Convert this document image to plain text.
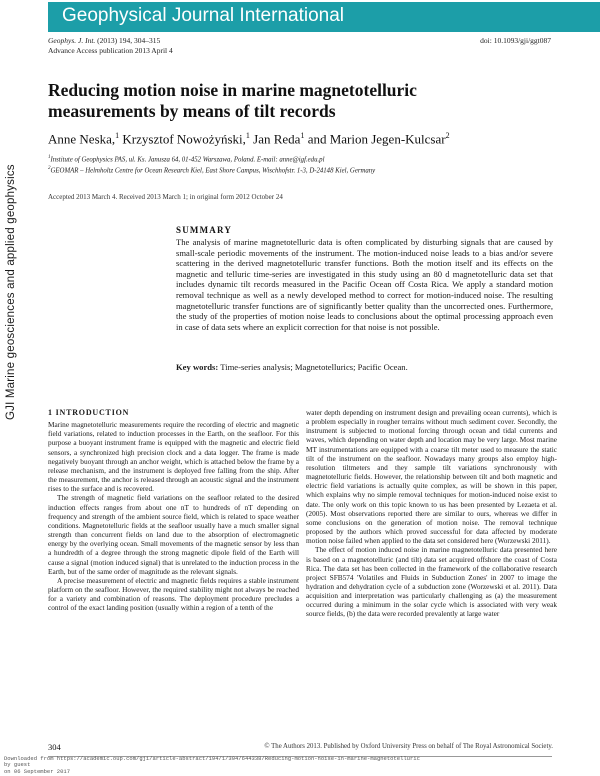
Geophysical Journal International
Geophys. J. Int. (2013) 194, 304–315
Advance Access publication 2013 April 4
doi: 10.1093/gji/ggt087
Reducing motion noise in marine magnetotelluric measurements by means of tilt records
Anne Neska,$^1$ Krzysztof Nowożyński,$^1$ Jan Reda$^1$ and Marion Jegen-Kulcsar$^2$
$^1$Institute of Geophysics PAS, ul. Ks. Janusza 64, 01-452 Warszawa, Poland. E-mail: anne@igf.edu.pl
$^2$GEOMAR – Helmholtz Centre for Ocean Research Kiel, East Shore Campus, Wischhofstr. 1-3, D-24148 Kiel, Germany
Accepted 2013 March 4. Received 2013 March 1; in original form 2012 October 24
GJI Marine geosciences and applied geophysics	SUMMARY
The analysis of marine magnetotelluric data is often complicated by disturbing signals that are caused by small-scale periodic movements of the instrument. The motion-induced noise leads to a bias and/or severe scattering in the derived magnetotelluric transfer functions. Both the motion itself and its effects on the magnetic and telluric time-series are investigated in this study using an 80 d magnetotelluric data set that includes dynamic tilt records measured in the Pacific Ocean off Costa Rica. We apply a standard motion removal technique as well as a newly developed method to correct for motion-induced noise. The resulting magnetotelluric transfer functions are of significantly better quality than the uncorrected ones. Furthermore, the study of the properties of motion noise leads to conclusions about the optimal processing approach even in case of data sets where an explicit correction for that noise is not possible.
Key words: Time-series analysis; Magnetotellurics; Pacific Ocean.
1 INTRODUCTION

Marine magnetotelluric measurements require the recording of electric and magnetic field variations, related to induction processes in the Earth, on the seafloor. For this purpose a buoyant instrument frame is equipped with the magnetic and electric field sensors, a synchronized high precision clock and a data logger. The frame is made negatively buoyant through an anchor weight, which is attached below the frame by a release mechanism, and the instrument is deployed free falling from the ship. After the measurement, the anchor is released through an acoustic signal and the instrument rises to the surface and is recovered.

The strength of magnetic field variations on the seafloor related to the desired induction effects ranges from about one nT to hundreds of nT depending on frequency and strength of the ambient source field, which is related to space weather conditions. Magnetotelluric fields at the seafloor usually have a much smaller signal strength than concurrent fields on land due to the absorption of electromagnetic energy by the overlying ocean. Small movements of the magnetic sensor by less than a hundredth of a degree through the strong magnetic dipole field of the Earth will cause a signal (motion induced signal) that is unrelated to the induction process in the Earth, but of the same order of magnitude as the relevant signals.

A precise measurement of electric and magnetic fields requires a stable instrument platform on the seafloor. However, the required stability might not always be reached for a variety and combination of reasons. The deployment procedure precludes a control of the exact landing position (usually within a region of a tenth of the

water depth depending on instrument design and prevailing ocean currents), which is a problem especially in rougher terrains without much sediment cover. Secondly, the instrument is subjected to motional forcing through ocean and tidal currents and waves, which depending on water depth and location may be very large. Most marine MT instrumentations are equipped with a coarse tilt meter used to measure the static tilt of the instrument on the seafloor. Nowadays many groups also employ high-resolution tiltmeters and they sample tilt variations synchronously with magnetotelluric fields. However, the relationship between tilt and both magnetic and electric field variations is actually quite complex, as will be shown in this paper, which explains why no simple removal techniques for motion-induced noise exist to date. The only work on this topic known to us has been presented by Lezaeta et al. (2005). Most observations reported there are similar to ours, whereas we differ in some conclusions on the generation of motion noise. The removal technique proposed by the authors which proved successful for data affected by moderate motion noise failed when applied to the data set considered here (Worzewski 2011).

The effect of motion induced noise in marine magnetotelluric data presented here is based on a magnetotelluric (and tilt) data set acquired offshore the coast of Costa Rica. The data set has been collected in the framework of the collaborative research project SFB574 'Volatiles and Fluids in Subduction Zones' in 2007 to image the hydration and dehydration cycle of a subduction zone (Worzewski et al. 2011). Data acquisition and interpretation was particularly challenging as (a) the measurement occurred during a minimum in the solar cycle which is associated with very weak source fields, (b) the data were recorded prevalently at large water

304	© The Authors 2013. Published by Oxford University Press on behalf of The Royal Astronomical Society.
Downloaded from https://academic.oup.com/gji/article-abstract/194/1/304/644338/Reducing-motion-noise-in-marine-magnetotelluric
by guest
on 06 September 2017
